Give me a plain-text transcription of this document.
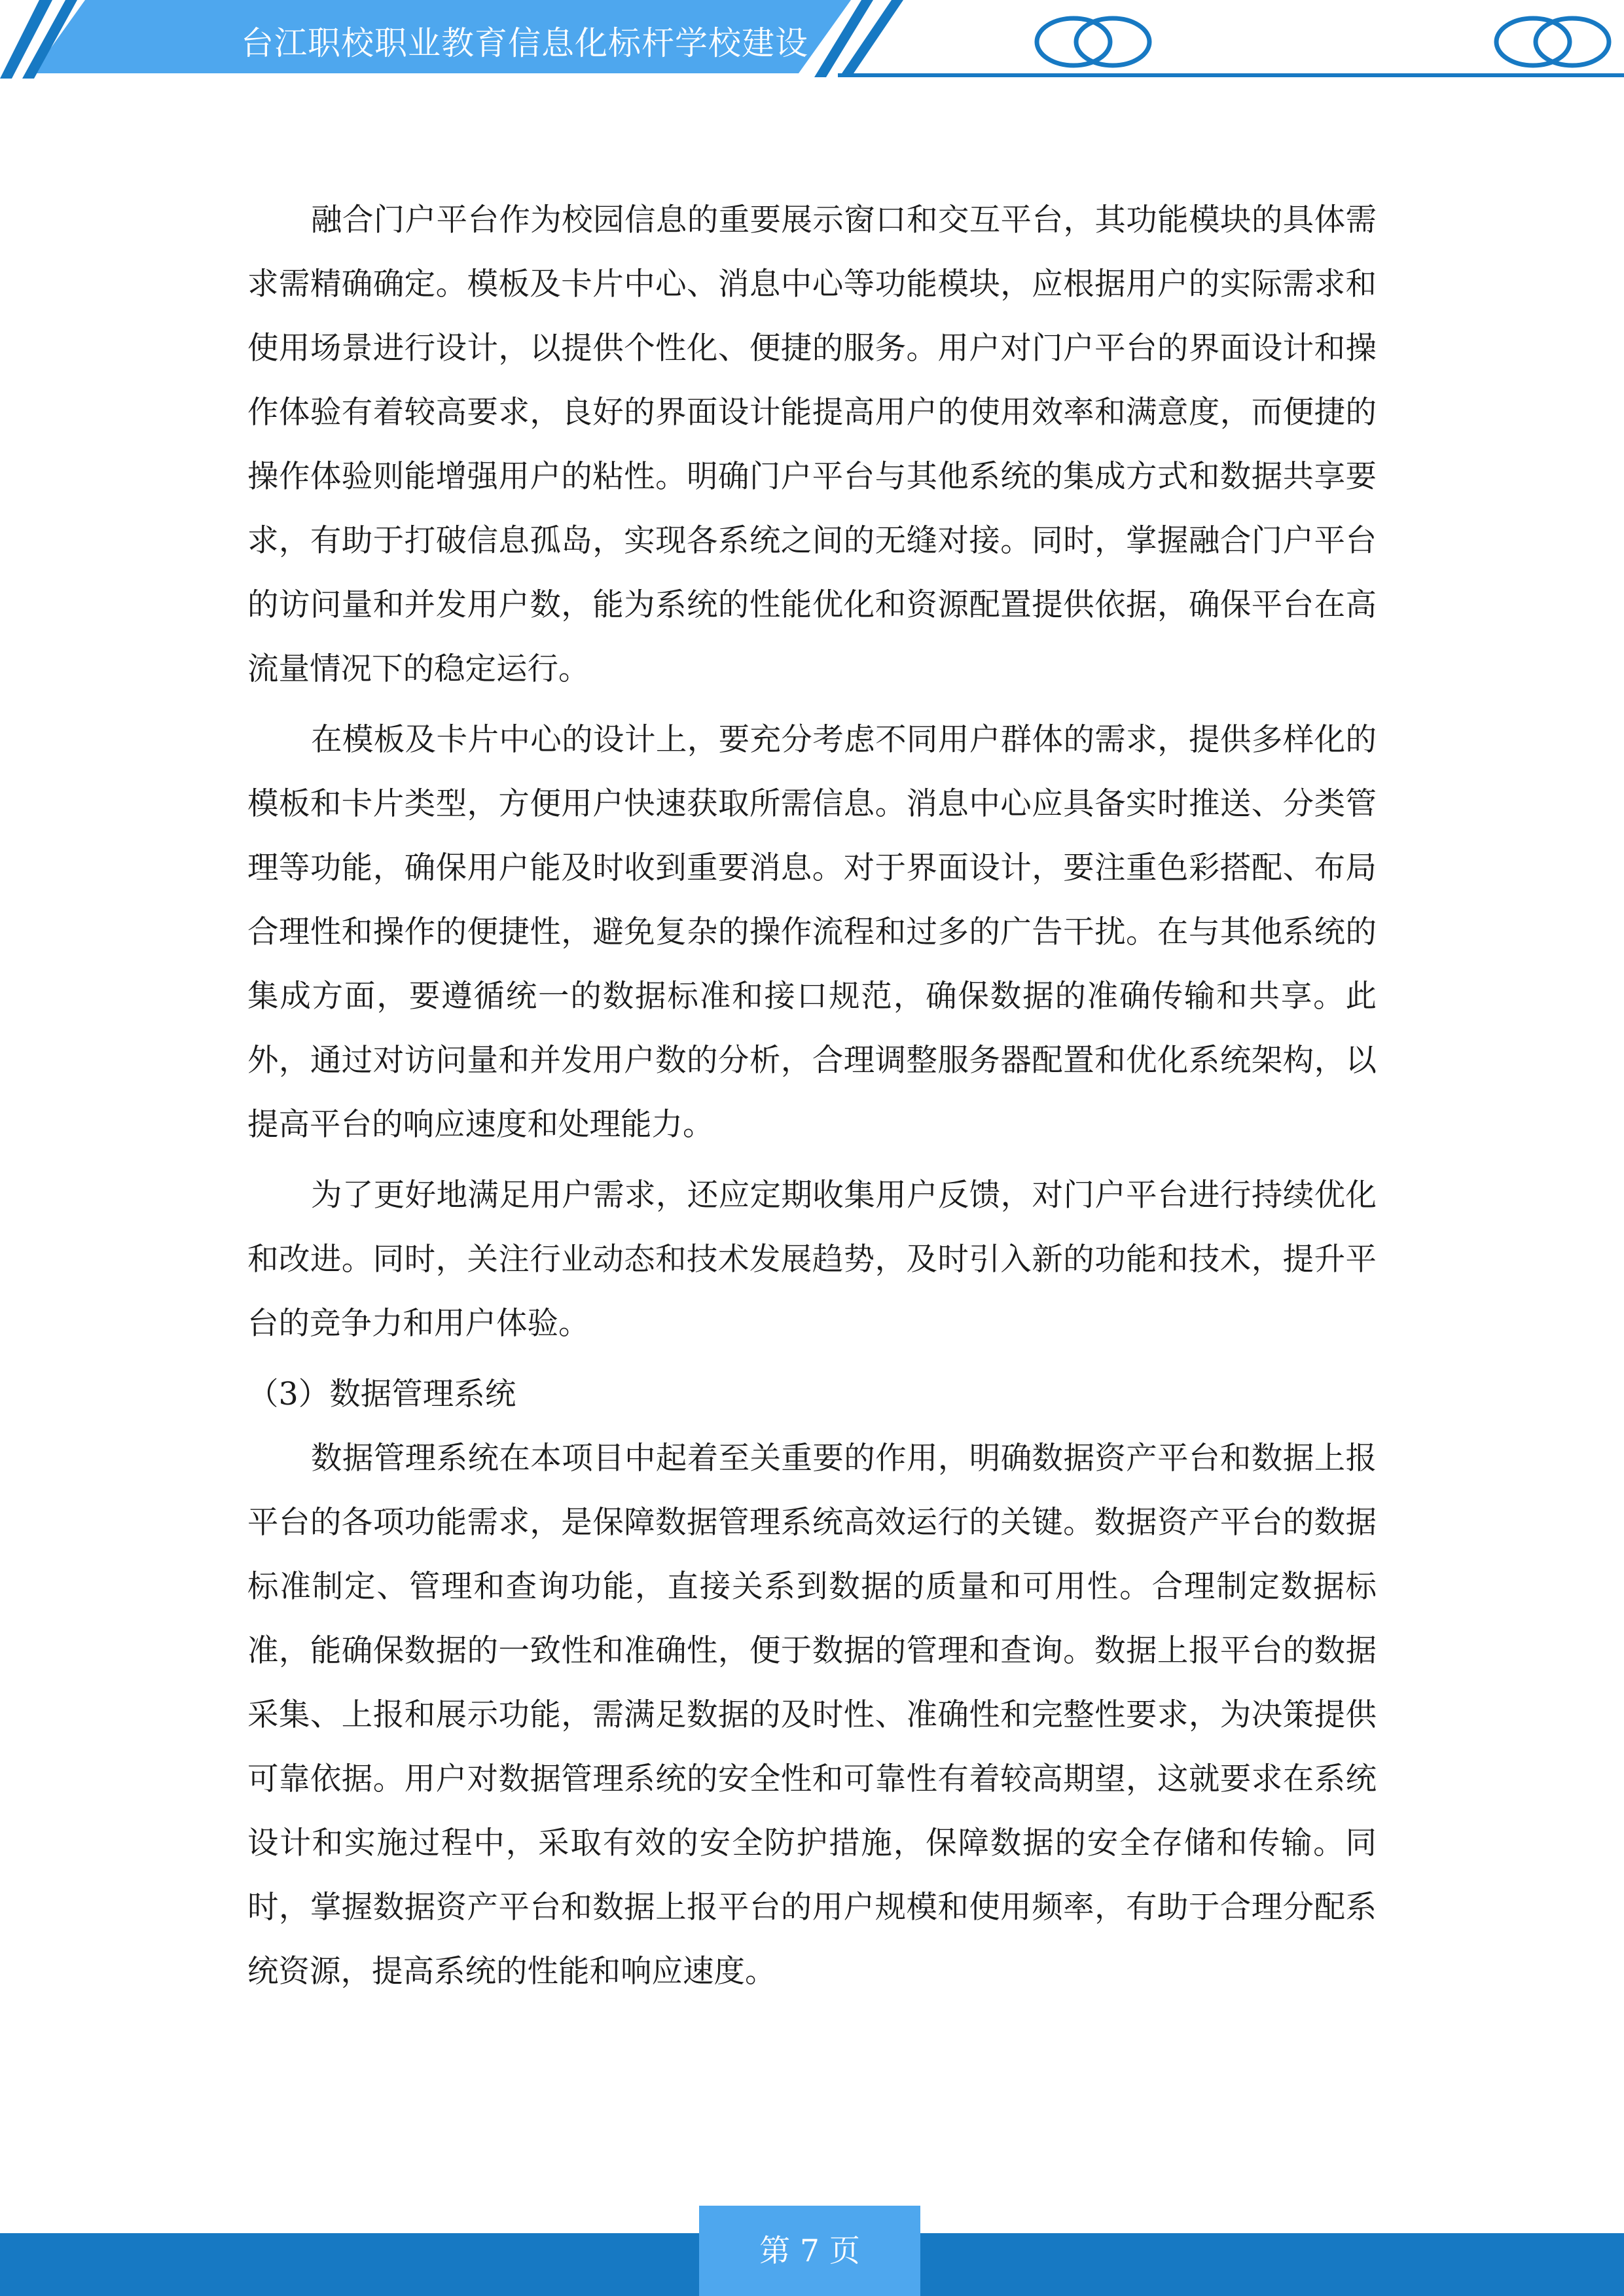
台江职校职业教育信息化标杆学校建设

融合门户平台作为校园信息的重要展示窗口和交互平台，其功能模块的具体需求需精确确定。模板及卡片中心、消息中心等功能模块，应根据用户的实际需求和使用场景进行设计，以提供个性化、便捷的服务。用户对门户平台的界面设计和操作体验有着较高要求，良好的界面设计能提高用户的使用效率和满意度，而便捷的操作体验则能增强用户的粘性。明确门户平台与其他系统的集成方式和数据共享要求，有助于打破信息孤岛，实现各系统之间的无缝对接。同时，掌握融合门户平台的访问量和并发用户数，能为系统的性能优化和资源配置提供依据，确保平台在高流量情况下的稳定运行。

在模板及卡片中心的设计上，要充分考虑不同用户群体的需求，提供多样化的模板和卡片类型，方便用户快速获取所需信息。消息中心应具备实时推送、分类管理等功能，确保用户能及时收到重要消息。对于界面设计，要注重色彩搭配、布局合理性和操作的便捷性，避免复杂的操作流程和过多的广告干扰。在与其他系统的集成方面，要遵循统一的数据标准和接口规范，确保数据的准确传输和共享。此外，通过对访问量和并发用户数的分析，合理调整服务器配置和优化系统架构，以提高平台的响应速度和处理能力。

为了更好地满足用户需求，还应定期收集用户反馈，对门户平台进行持续优化和改进。同时，关注行业动态和技术发展趋势，及时引入新的功能和技术，提升平台的竞争力和用户体验。

（3）数据管理系统

数据管理系统在本项目中起着至关重要的作用，明确数据资产平台和数据上报平台的各项功能需求，是保障数据管理系统高效运行的关键。数据资产平台的数据标准制定、管理和查询功能，直接关系到数据的质量和可用性。合理制定数据标准，能确保数据的一致性和准确性，便于数据的管理和查询。数据上报平台的数据采集、上报和展示功能，需满足数据的及时性、准确性和完整性要求，为决策提供可靠依据。用户对数据管理系统的安全性和可靠性有着较高期望，这就要求在系统设计和实施过程中，采取有效的安全防护措施，保障数据的安全存储和传输。同时，掌握数据资产平台和数据上报平台的用户规模和使用频率，有助于合理分配系统资源，提高系统的性能和响应速度。

第 7 页
